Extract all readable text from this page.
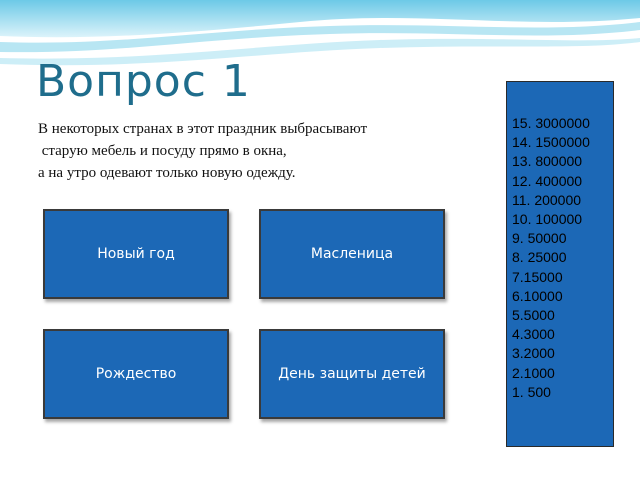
Вопрос 1
В некоторых странах в этот праздник выбрасывают
старую мебель и посуду прямо в окна,
а на утро одевают только новую одежду.
Новый год	Масленица
Рождество	День защиты детей
15. 3000000
14. 1500000
13. 800000
12. 400000
11. 200000
10. 100000
9. 50000
8. 25000
7.15000
6.10000
5.5000
4.3000
3.2000
2.1000
1. 500
